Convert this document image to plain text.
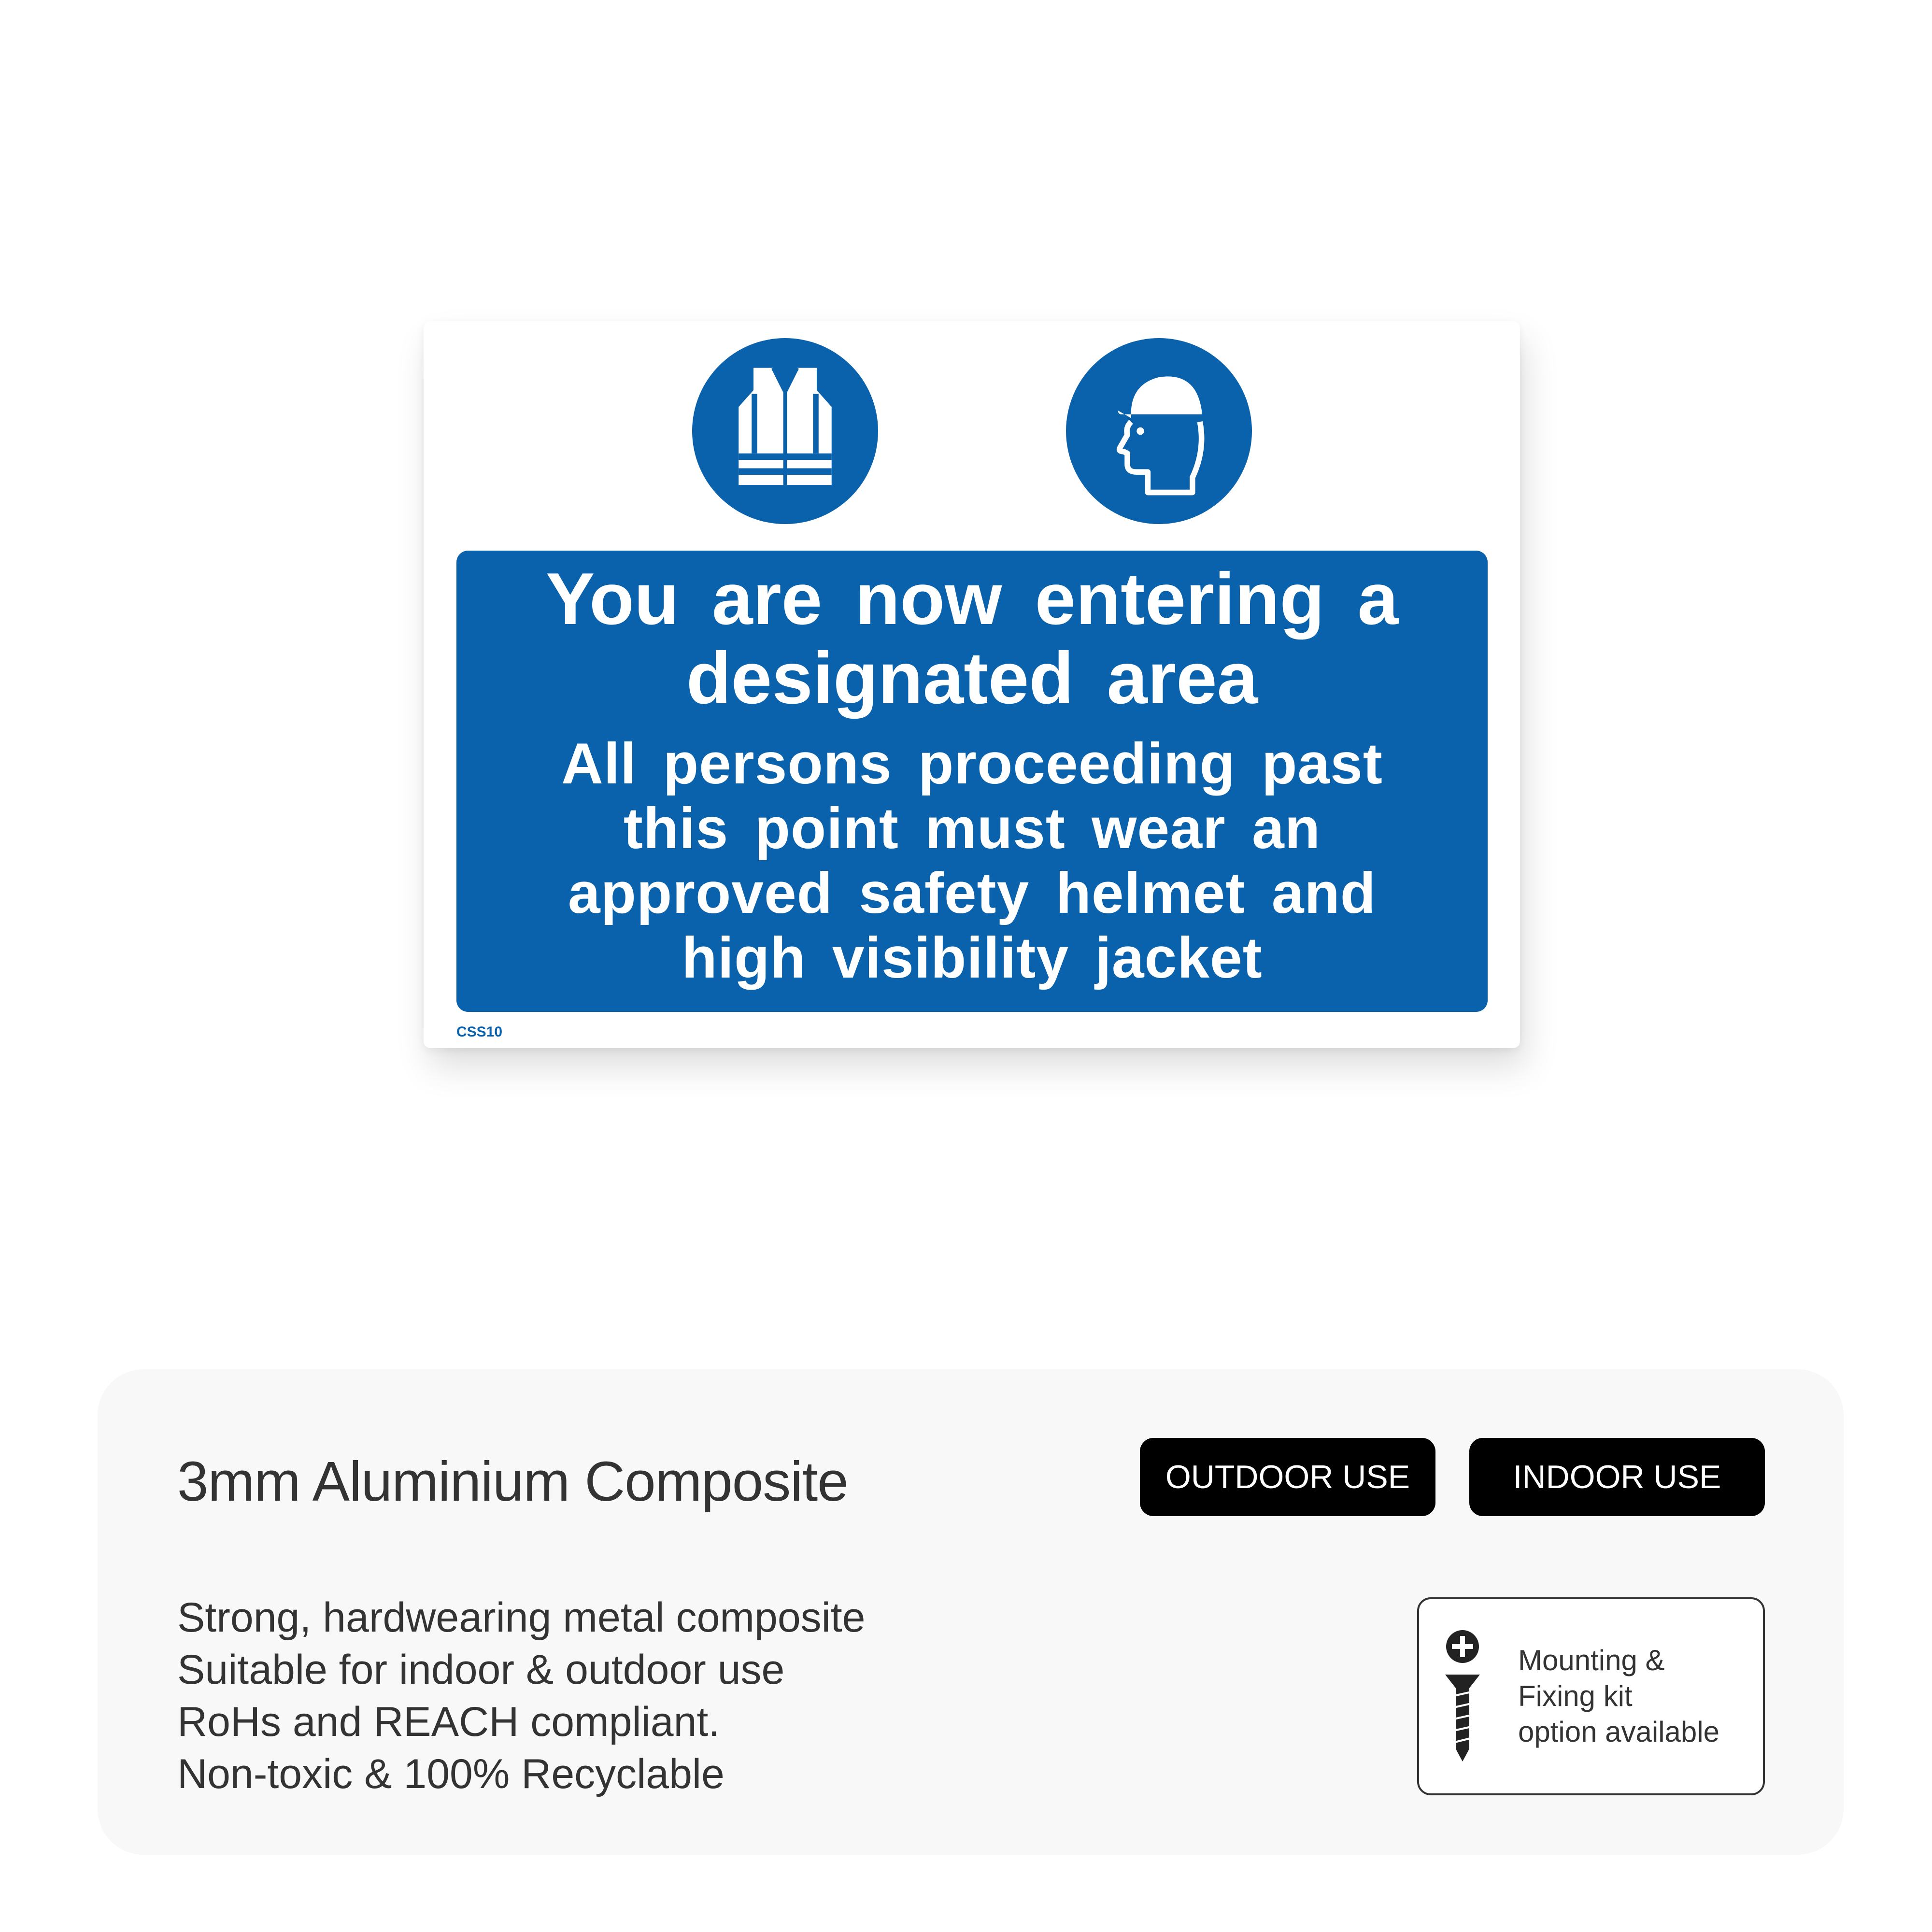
You are now entering a
designated area
All persons proceeding past
this point must wear an
approved safety helmet and
high visibility jacket
CSS10
3mm Aluminium Composite	OUTDOOR USE	INDOOR USE
Strong, hardwearing metal composite
Suitable for indoor & outdoor use
RoHs and REACH compliant.
Non-toxic & 100% Recyclable
Mounting &
Fixing kit
option available
